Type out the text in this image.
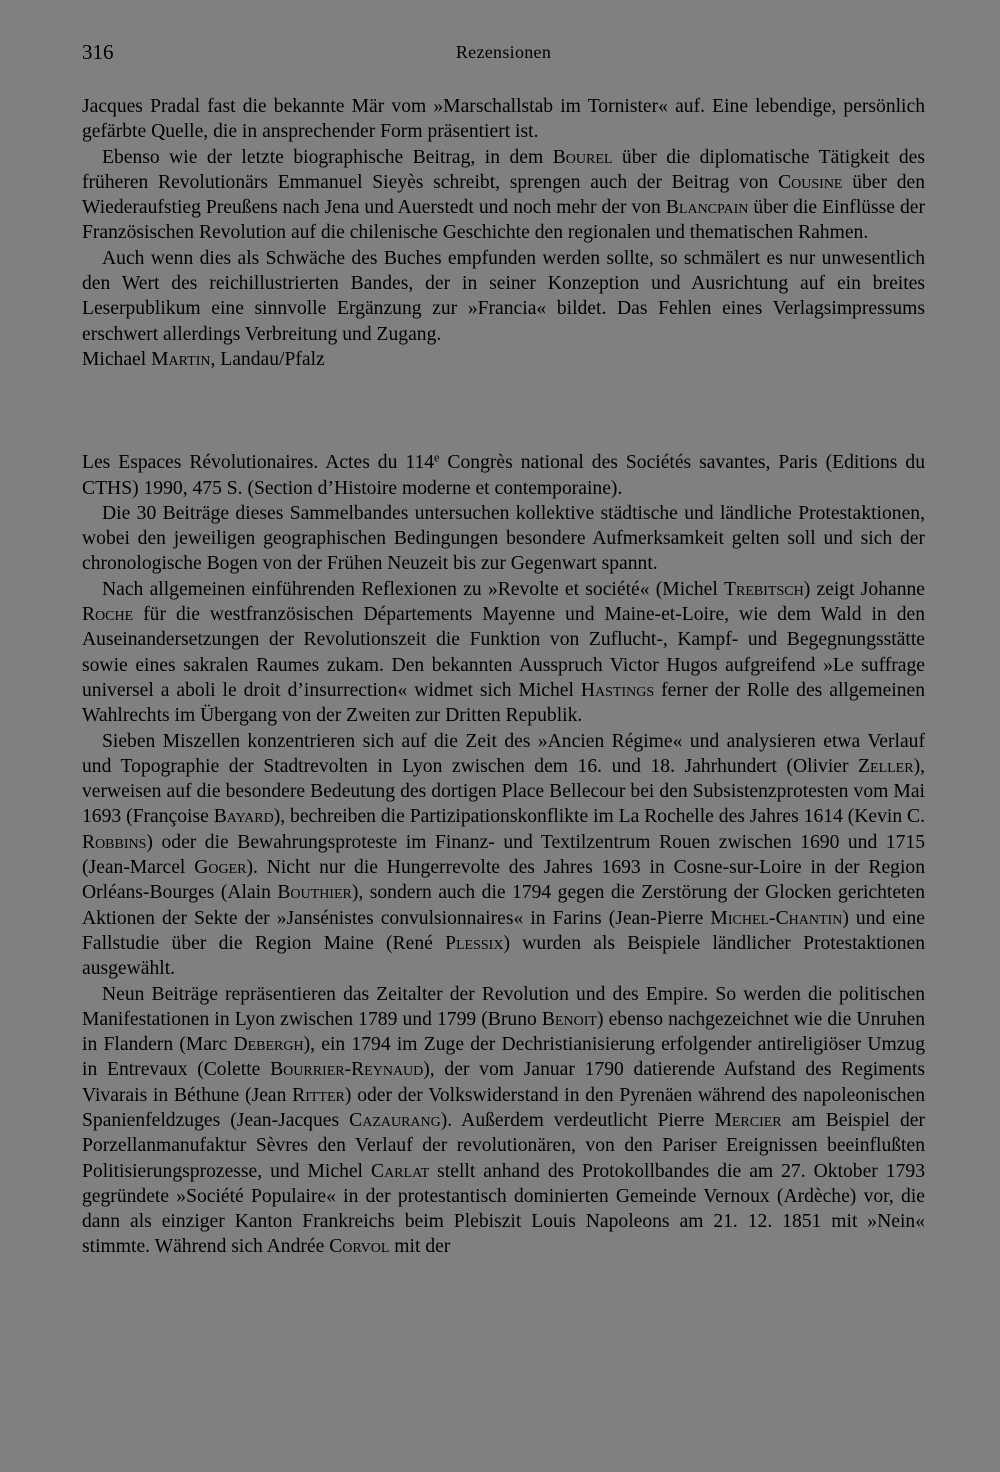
316	Rezensionen

Jacques Pradal fast die bekannte Mär vom »Marschallstab im Tornister« auf. Eine lebendige, persönlich gefärbte Quelle, die in ansprechender Form präsentiert ist.

Ebenso wie der letzte biographische Beitrag, in dem Bourel über die diplomatische Tätigkeit des früheren Revolutionärs Emmanuel Sieyès schreibt, sprengen auch der Beitrag von Cousine über den Wiederaufstieg Preußens nach Jena und Auerstedt und noch mehr der von Blancpain über die Einflüsse der Französischen Revolution auf die chilenische Geschichte den regionalen und thematischen Rahmen.

Auch wenn dies als Schwäche des Buches empfunden werden sollte, so schmälert es nur unwesentlich den Wert des reichillustrierten Bandes, der in seiner Konzeption und Ausrichtung auf ein breites Leserpublikum eine sinnvolle Ergänzung zur »Francia« bildet. Das Fehlen eines Verlagsimpressums erschwert allerdings Verbreitung und Zugang.

Michael Martin, Landau/Pfalz

Les Espaces Révolutionaires. Actes du 114e Congrès national des Sociétés savantes, Paris (Editions du CTHS) 1990, 475 S. (Section d’Histoire moderne et contemporaine).

Die 30 Beiträge dieses Sammelbandes untersuchen kollektive städtische und ländliche Protestaktionen, wobei den jeweiligen geographischen Bedingungen besondere Aufmerksamkeit gelten soll und sich der chronologische Bogen von der Frühen Neuzeit bis zur Gegenwart spannt.

Nach allgemeinen einführenden Reflexionen zu »Revolte et société« (Michel Trebitsch) zeigt Johanne Roche für die westfranzösischen Départements Mayenne und Maine-et-Loire, wie dem Wald in den Auseinandersetzungen der Revolutionszeit die Funktion von Zuflucht-, Kampf- und Begegnungsstätte sowie eines sakralen Raumes zukam. Den bekannten Ausspruch Victor Hugos aufgreifend »Le suffrage universel a aboli le droit d’insurrection« widmet sich Michel Hastings ferner der Rolle des allgemeinen Wahlrechts im Übergang von der Zweiten zur Dritten Republik.

Sieben Miszellen konzentrieren sich auf die Zeit des »Ancien Régime« und analysieren etwa Verlauf und Topographie der Stadtrevolten in Lyon zwischen dem 16. und 18. Jahrhundert (Olivier Zeller), verweisen auf die besondere Bedeutung des dortigen Place Bellecour bei den Subsistenzprotesten vom Mai 1693 (Françoise Bayard), bechreiben die Partizipationskonflikte im La Rochelle des Jahres 1614 (Kevin C. Robbins) oder die Bewahrungsproteste im Finanz- und Textilzentrum Rouen zwischen 1690 und 1715 (Jean-Marcel Goger). Nicht nur die Hungerrevolte des Jahres 1693 in Cosne-sur-Loire in der Region Orléans-Bourges (Alain Bouthier), sondern auch die 1794 gegen die Zerstörung der Glocken gerichteten Aktionen der Sekte der »Jansénistes convulsionnaires« in Farins (Jean-Pierre Michel-Chantin) und eine Fallstudie über die Region Maine (René Plessix) wurden als Beispiele ländlicher Protestaktionen ausgewählt.

Neun Beiträge repräsentieren das Zeitalter der Revolution und des Empire. So werden die politischen Manifestationen in Lyon zwischen 1789 und 1799 (Bruno Benoit) ebenso nachgezeichnet wie die Unruhen in Flandern (Marc Debergh), ein 1794 im Zuge der Dechristianisierung erfolgender antireligiöser Umzug in Entrevaux (Colette Bourrier-Reynaud), der vom Januar 1790 datierende Aufstand des Regiments Vivarais in Béthune (Jean Ritter) oder der Volkswiderstand in den Pyrenäen während des napoleonischen Spanienfeldzuges (Jean-Jacques Cazaurang). Außerdem verdeutlicht Pierre Mercier am Beispiel der Porzellanmanufaktur Sèvres den Verlauf der revolutionären, von den Pariser Ereignissen beeinflußten Politisierungsprozesse, und Michel Carlat stellt anhand des Protokollbandes die am 27. Oktober 1793 gegründete »Société Populaire« in der protestantisch dominierten Gemeinde Vernoux (Ardèche) vor, die dann als einziger Kanton Frankreichs beim Plebiszit Louis Napoleons am 21. 12. 1851 mit »Nein« stimmte. Während sich Andrée Corvol mit der
